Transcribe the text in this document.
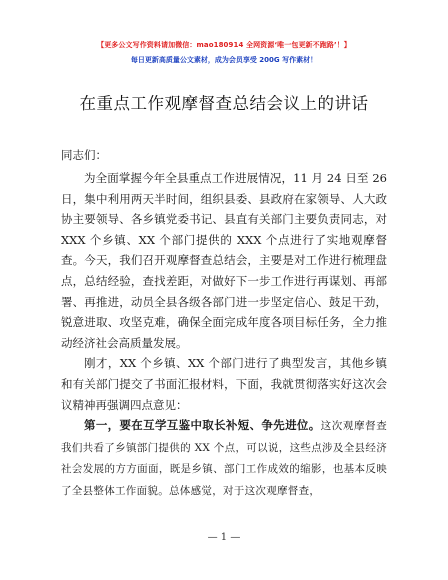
【更多公文写作资料请加微信：mao180914 全网资源‘唯一包更新不跑路’！】
每日更新高质量公文素材，成为会员享受 200G 写作素材！
在重点工作观摩督查总结会议上的讲话
同志们：

为全面掌握今年全县重点工作进展情况，11 月 24 日至 26 日，集中利用两天半时间，组织县委、县政府在家领导、人大政协主要领导、各乡镇党委书记、县直有关部门主要负责同志，对 XXX 个乡镇、XX 个部门提供的 XXX 个点进行了实地观摩督查。今天，我们召开观摩督查总结会，主要是对工作进行梳理盘点，总结经验，查找差距，对做好下一步工作进行再谋划、再部署、再推进，动员全县各级各部门进一步坚定信心、鼓足干劲，锐意进取、攻坚克难，确保全面完成年度各项目标任务，全力推动经济社会高质量发展。

刚才，XX 个乡镇、XX 个部门进行了典型发言，其他乡镇和有关部门提交了书面汇报材料，下面，我就贯彻落实好这次会议精神再强调四点意见：

第一，要在互学互鉴中取长补短、争先进位。这次观摩督查我们共看了乡镇部门提供的 XX 个点，可以说，这些点涉及全县经济社会发展的方方面面，既是乡镇、部门工作成效的缩影，也基本反映了全县整体工作面貌。总体感觉，对于这次观摩督查，

— 1 —
